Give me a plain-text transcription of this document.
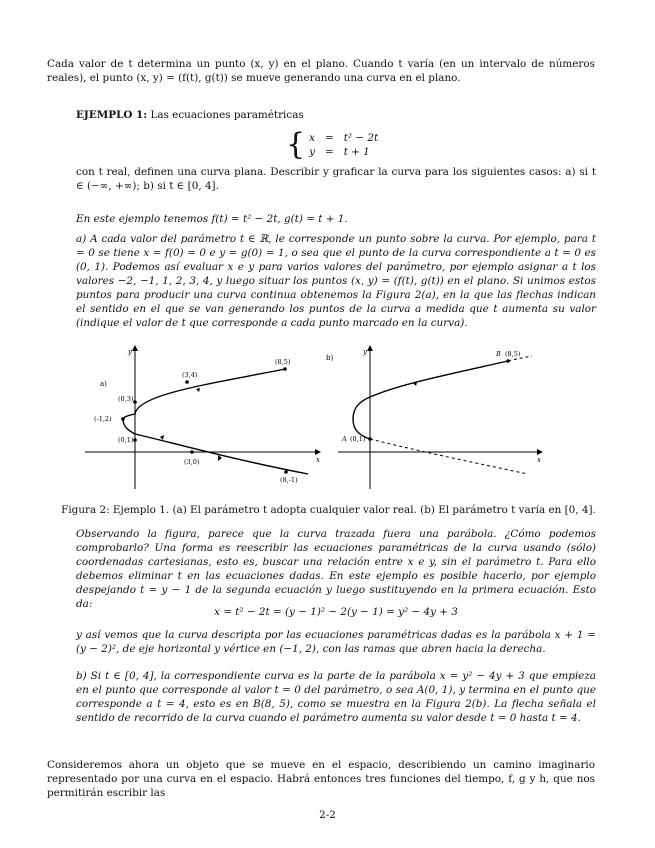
Cada valor de t determina un punto (x, y) en el plano. Cuando t varía (en un intervalo de números reales), el punto (x, y) = (f(t), g(t)) se mueve generando una curva en el plano.

EJEMPLO 1: Las ecuaciones paramétricas

{ x = t² − 2t
y = t + 1

con t real, definen una curva plana. Describir y graficar la curva para los siguientes casos: a) si t ∈ (−∞, +∞); b) si t ∈ [0, 4].

En este ejemplo tenemos f(t) = t² − 2t, g(t) = t + 1.

a) A cada valor del parámetro t ∈ ℝ, le corresponde un punto sobre la curva. Por ejemplo, para t = 0 se tiene x = f(0) = 0 e y = g(0) = 1, o sea que el punto de la curva correspondiente a t = 0 es (0, 1). Podemos así evaluar x e y para varios valores del parámetro, por ejemplo asignar a t los valores −2, −1, 1, 2, 3, 4, y luego situar los puntos (x, y) = (f(t), g(t)) en el plano. Si unimos estos puntos para producir una curva continua obtenemos la Figura 2(a), en la que las flechas indican el sentido en el que se van generando los puntos de la curva a medida que t aumenta su valor (indique el valor de t que corresponde a cada punto marcado en la curva).

a)
y
x
(8,5)
(3,4)
(0,3)
(-1,2)
(0,1)
(3,0)
(8,-1)
b)
y
x
B (8,5)
A (0,1)

Figura 2: Ejemplo 1. (a) El parámetro t adopta cualquier valor real. (b) El parámetro t varía en [0, 4].

Observando la figura, parece que la curva trazada fuera una parábola. ¿Cómo podemos comprobarlo? Una forma es reescribir las ecuaciones paramétricas de la curva usando (sólo) coordenadas cartesianas, esto es, buscar una relación entre x e y, sin el parámetro t. Para ello debemos eliminar t en las ecuaciones dadas. En este ejemplo es posible hacerlo, por ejemplo despejando t = y − 1 de la segunda ecuación y luego sustituyendo en la primera ecuación. Esto da:

x = t² − 2t = (y − 1)² − 2(y − 1) = y² − 4y + 3

y así vemos que la curva descripta por las ecuaciones paramétricas dadas es la parábola x + 1 = (y − 2)², de eje horizontal y vértice en (−1, 2), con las ramas que abren hacia la derecha.

b) Si t ∈ [0, 4], la correspondiente curva es la parte de la parábola x = y² − 4y + 3 que empieza en el punto que corresponde al valor t = 0 del parámetro, o sea A(0, 1), y termina en el punto que corresponde a t = 4, esto es en B(8, 5), como se muestra en la Figura 2(b). La flecha señala el sentido de recorrido de la curva cuando el parámetro aumenta su valor desde t = 0 hasta t = 4.

Consideremos ahora un objeto que se mueve en el espacio, describiendo un camino imaginario representado por una curva en el espacio. Habrá entonces tres funciones del tiempo, f, g y h, que nos permitirán escribir las

2-2
